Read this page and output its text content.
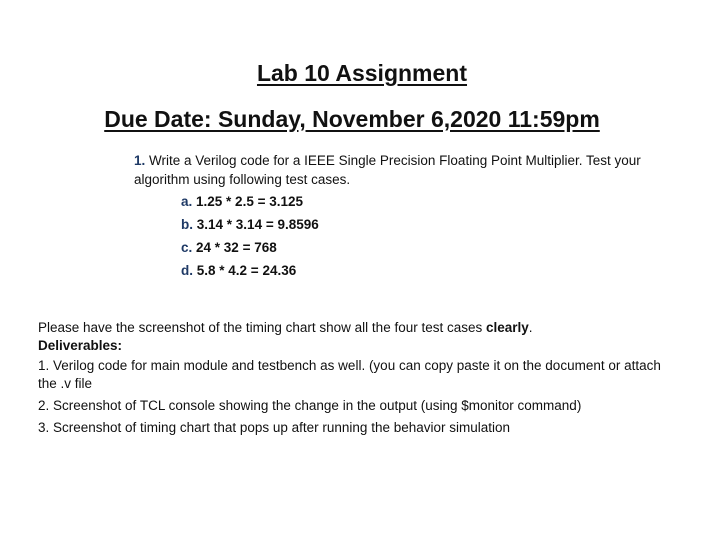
Lab 10 Assignment
Due Date: Sunday, November 6,2020 11:59pm
1. Write a Verilog code for a IEEE Single Precision Floating Point Multiplier. Test your algorithm using following test cases.
a. 1.25 * 2.5 = 3.125
b. 3.14 * 3.14 = 9.8596
c. 24 * 32 = 768
d. 5.8 * 4.2 = 24.36

Please have the screenshot of the timing chart show all the four test cases clearly.

Deliverables:

1. Verilog code for main module and testbench as well. (you can copy paste it on the document or attach the .v file

2. Screenshot of TCL console showing the change in the output (using $monitor command)

3. Screenshot of timing chart that pops up after running the behavior simulation
